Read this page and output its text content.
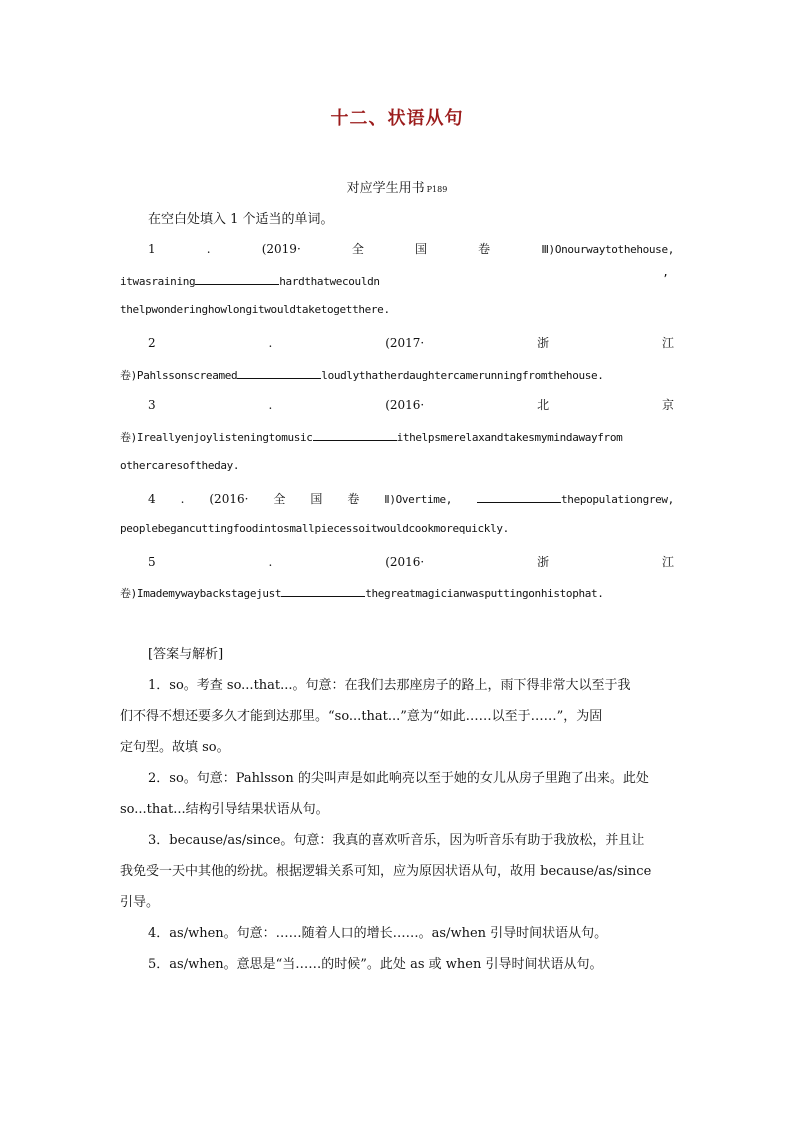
十二、状语从句
对应学生用书 P189
在空白处填入 1 个适当的单词。
1	.	(2019·	全	国	卷	Ⅲ)Onourwaytothehouse,
itwasraining	hardthatwecouldn	’
thelpwonderinghowlongitwouldtaketogetthere.
2	.	(2017·	浙	江
卷)Pahlssonscreamed	loudlythatherdaughtercamerunningfromthehouse.
3	.	(2016·	北	京
卷)Ireallyenjoylisteningtomusic	ithelpsmerelaxandtakesmymindawayfrom
othercaresoftheday.
4 . (2016· 全 国 卷 Ⅱ)Overtime,	thepopulationgrew,
peoplebegancuttingfoodintosmallpiecessoitwouldcookmorequickly.
5	.	(2016·	浙	江
卷)Imademywaybackstagejust	thegreatmagicianwasputtingonhistophat.

[答案与解析]

1．so。考查 so...that...。句意：在我们去那座房子的路上，雨下得非常大以至于我

们不得不想还要多久才能到达那里。“so...that...”意为“如此……以至于……”，为固

定句型。故填 so。

2．so。句意：Pahlsson 的尖叫声是如此响亮以至于她的女儿从房子里跑了出来。此处

so...that...结构引导结果状语从句。

3．because/as/since。句意：我真的喜欢听音乐，因为听音乐有助于我放松，并且让

我免受一天中其他的纷扰。根据逻辑关系可知，应为原因状语从句，故用 because/as/since

引导。

4．as/when。句意：……随着人口的增长……。as/when 引导时间状语从句。

5．as/when。意思是“当……的时候”。此处 as 或 when 引导时间状语从句。
